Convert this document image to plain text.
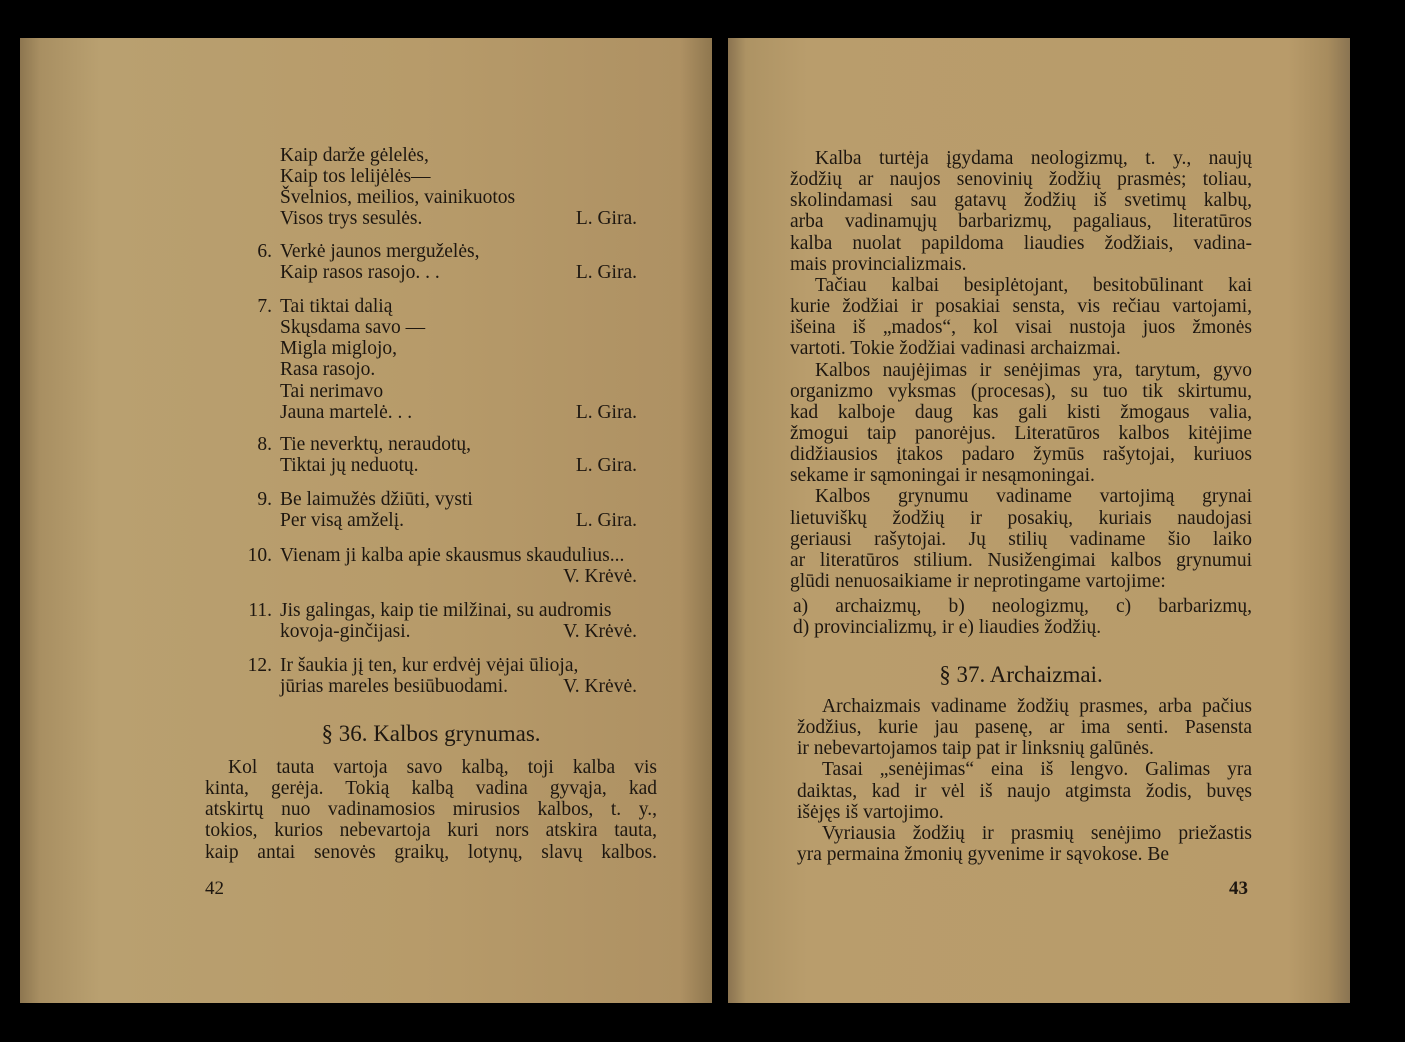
Kaip darže gėlelės,
Kaip tos lelijėlės—
Švelnios, meilios, vainikuotos
Visos trys sesulės.	L. Gira.
6. Verkė jaunos merguželės,
Kaip rasos rasojo. . .	L. Gira.
7. Tai tiktai dalią
Skųsdama savo —
Migla miglojo,
Rasa rasojo.
Tai nerimavo
Jauna martelė. . .	L. Gira.
8. Tie neverktų, neraudotų,
Tiktai jų neduotų.	L. Gira.
9. Be laimužės džiūti, vysti
Per visą amželį.	L. Gira.
10. Vienam ji kalba apie skausmus skaudulius...
V. Krėvė.
11. Jis galingas, kaip tie milžinai, su audromis
kovoja-ginčijasi.	V. Krėvė.
12. Ir šaukia jį ten, kur erdvėj vėjai ūlioja,
jūrias mareles besiūbuodami.	V. Krėvė.
§ 36. Kalbos grynumas.
Kol tauta vartoja savo kalbą, toji kalba vis
kinta, gerėja. Tokią kalbą vadina gyvąja, kad
atskirtų nuo vadinamosios mirusios kalbos, t. y.,
tokios, kurios nebevartoja kuri nors atskira tauta,
kaip antai senovės graikų, lotynų, slavų kalbos.
42
Kalba turtėja įgydama neologizmų, t. y., naujų
žodžių ar naujos senovinių žodžių prasmės; toliau,
skolindamasi sau gatavų žodžių iš svetimų kalbų,
arba vadinamųjų barbarizmų, pagaliaus, literatūros
kalba nuolat papildoma liaudies žodžiais, vadina-
mais provincializmais.
Tačiau kalbai besiplėtojant, besitobūlinant kai
kurie žodžiai ir posakiai sensta, vis rečiau vartojami,
išeina iš „mados“, kol visai nustoja juos žmonės
vartoti. Tokie žodžiai vadinasi archaizmai.
Kalbos naujėjimas ir senėjimas yra, tarytum, gyvo
organizmo vyksmas (procesas), su tuo tik skirtumu,
kad kalboje daug kas gali kisti žmogaus valia,
žmogui taip panorėjus. Literatūros kalbos kitėjime
didžiausios įtakos padaro žymūs rašytojai, kuriuos
sekame ir sąmoningai ir nesąmoningai.
Kalbos grynumu vadiname vartojimą grynai
lietuviškų žodžių ir posakių, kuriais naudojasi
geriausi rašytojai. Jų stilių vadiname šio laiko
ar literatūros stilium. Nusižengimai kalbos grynumui
glūdi nenuosaikiame ir neprotingame vartojime:
a) archaizmų, b) neologizmų, c) barbarizmų,
d) provincializmų, ir e) liaudies žodžių.
§ 37. Archaizmai.
Archaizmais vadiname žodžių prasmes, arba pačius
žodžius, kurie jau pasenę, ar ima senti. Pasensta
ir nebevartojamos taip pat ir linksnių galūnės.
Tasai „senėjimas“ eina iš lengvo. Galimas yra
daiktas, kad ir vėl iš naujo atgimsta žodis, buvęs
išėjęs iš vartojimo.
Vyriausia žodžių ir prasmių senėjimo priežastis
yra permaina žmonių gyvenime ir sąvokose. Be
43
